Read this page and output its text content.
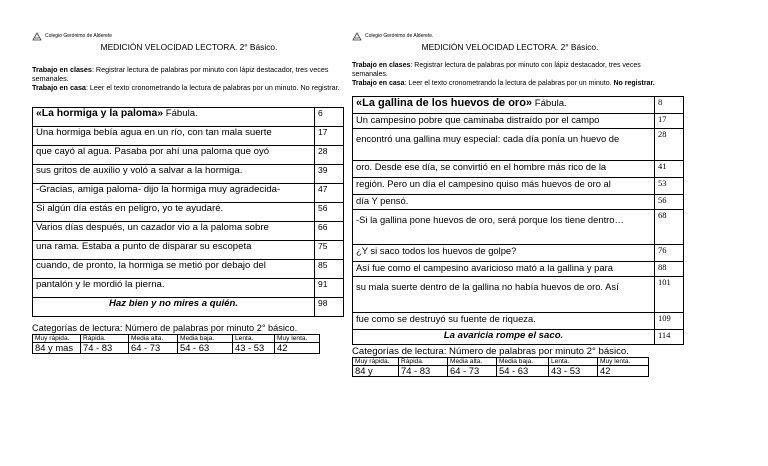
Colegio Gerónimo de Alderete
MEDICIÓN VELOCIDAD LECTORA. 2° Básico.
Trabajo en clases: Registrar lectura de palabras por minuto con lápiz destacador, tres veces semanales.
Trabajo en casa: Leer el texto cronometrando la lectura de palabras por un minuto. No registrar.
«La hormiga y la paloma» Fábula.	6
Una hormiga bebía agua en un río, con tan mala suerte	17
que cayó al agua. Pasaba por ahí una paloma que oyó	28
sus gritos de auxilio y voló a salvar a la hormiga.	39
-Gracias, amiga paloma- dijo la hormiga muy agradecida-	47
Si algún día estás en peligro, yo te ayudaré.	56
Varios días después, un cazador vio a la paloma sobre	66
una rama. Estaba a punto de disparar su escopeta	75
cuando, de pronto, la hormiga se metió por debajo del	85
pantalón y le mordió la pierna.	91
Haz bien y no mires a quién.	98
Categorías de lectura: Número de palabras por minuto 2° básico.
Muy rápida.	Rápida.	Media alta.	Media baja.	Lenta.	Muy lenta.
84 y mas	74 - 83	64 - 73	54 - 63	43 - 53	42
Colegio Gerónimo de Alderete.
MEDICIÓN VELOCIDAD LECTORA. 2° Básico.
Trabajo en clases: Registrar lectura de palabras por minuto con lápiz destacador, tres veces semanales.
Trabajo en casa: Leer el texto cronometrando la lectura de palabras por un minuto. No registrar.
«La gallina de los huevos de oro» Fábula.	8
Un campesino pobre que caminaba distraído por el campo	17
encontró una gallina muy especial: cada día ponía un huevo de	28
oro. Desde ese día, se convirtió en el hombre más rico de la	41
región. Pero un día el campesino quiso más huevos de oro al	53
día Y pensó.	56
-Si la gallina pone huevos de oro, será porque los tiene dentro…	68
¿Y si saco todos los huevos de golpe?	76
Así fue como el campesino avaricioso mató a la gallina y para	88
su mala suerte dentro de la gallina no había huevos de oro. Así	101
fue como se destruyó su fuente de riqueza.	109
La avaricia rompe el saco.	114
Categorías de lectura: Número de palabras por minuto 2° básico.
Muy rápida.	Rápida.	Media alta.	Media baja.	Lenta.	Muy lenta.
84 y	74 - 83	64 - 73	54 - 63	43 - 53	42
